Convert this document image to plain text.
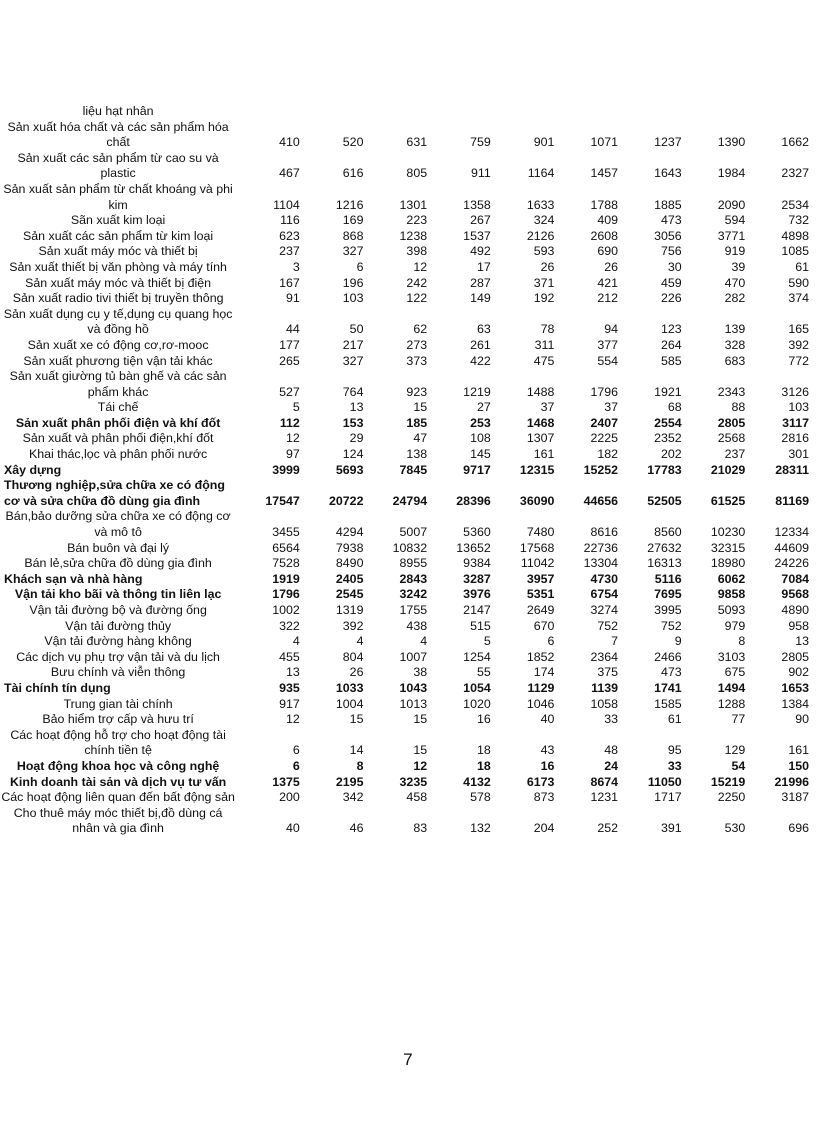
liệu hạt nhân									
Sản xuất hóa chất và các sản phẩm hóa chất	410	520	631	759	901	1071	1237	1390	1662
Sản xuất các sản phẩm từ cao su và plastic	467	616	805	911	1164	1457	1643	1984	2327
Sản xuất sản phẩm từ chất khoáng và phi kim	1104	1216	1301	1358	1633	1788	1885	2090	2534
Sãn xuất kim loại	116	169	223	267	324	409	473	594	732
Sản xuất các sản phẩm từ kim loại	623	868	1238	1537	2126	2608	3056	3771	4898
Sản xuất máy móc và thiết bị	237	327	398	492	593	690	756	919	1085
Sản xuất thiết bị văn phòng và máy tính	3	6	12	17	26	26	30	39	61
Sản xuất máy móc và thiết bị điện	167	196	242	287	371	421	459	470	590
Sản xuất radio tivi thiết bị truyền thông	91	103	122	149	192	212	226	282	374
Sản xuất dụng cụ y tế,dụng cụ quang học và đồng hồ	44	50	62	63	78	94	123	139	165
Sản xuất xe có động cơ,rơ-mooc	177	217	273	261	311	377	264	328	392
Sản xuất phương tiện vận tải khác	265	327	373	422	475	554	585	683	772
Sản xuất giường tủ bàn ghế và các sản phẩm khác	527	764	923	1219	1488	1796	1921	2343	3126
Tái chế	5	13	15	27	37	37	68	88	103
Sản xuất phân phối điện và khí đốt	112	153	185	253	1468	2407	2554	2805	3117
Sản xuất và phân phối điện,khí đốt	12	29	47	108	1307	2225	2352	2568	2816
Khai thác,lọc và phân phối nước	97	124	138	145	161	182	202	237	301
Xây dựng	3999	5693	7845	9717	12315	15252	17783	21029	28311
Thương nghiệp,sửa chữa xe có động cơ và sửa chữa đồ dùng gia đình	17547	20722	24794	28396	36090	44656	52505	61525	81169
Bán,bảo dưỡng sửa chữa xe có động cơ và mô tô	3455	4294	5007	5360	7480	8616	8560	10230	12334
Bán buôn và đại lý	6564	7938	10832	13652	17568	22736	27632	32315	44609
Bán lẻ,sửa chữa đồ dùng gia đình	7528	8490	8955	9384	11042	13304	16313	18980	24226
Khách sạn và nhà hàng	1919	2405	2843	3287	3957	4730	5116	6062	7084
Vận tải kho bãi và thông tin liên lạc	1796	2545	3242	3976	5351	6754	7695	9858	9568
Vận tải đường bộ và đường ống	1002	1319	1755	2147	2649	3274	3995	5093	4890
Vận tải đường thủy	322	392	438	515	670	752	752	979	958
Vận tải đường hàng không	4	4	4	5	6	7	9	8	13
Các dịch vụ phụ trợ vận tải và du lịch	455	804	1007	1254	1852	2364	2466	3103	2805
Bưu chính và viễn thông	13	26	38	55	174	375	473	675	902
Tài chính tín dụng	935	1033	1043	1054	1129	1139	1741	1494	1653
Trung gian tài chính	917	1004	1013	1020	1046	1058	1585	1288	1384
Bảo hiểm trợ cấp và hưu trí	12	15	15	16	40	33	61	77	90
Các hoạt động hỗ trợ cho hoạt động tài chính tiền tệ	6	14	15	18	43	48	95	129	161
Hoạt động khoa học và công nghệ	6	8	12	18	16	24	33	54	150
Kinh doanh tài sản và dịch vụ tư vấn	1375	2195	3235	4132	6173	8674	11050	15219	21996
Các hoạt động liên quan đến bất động sản	200	342	458	578	873	1231	1717	2250	3187
Cho thuê máy móc thiết bị,đồ dùng cá nhân và gia đình	40	46	83	132	204	252	391	530	696
7
